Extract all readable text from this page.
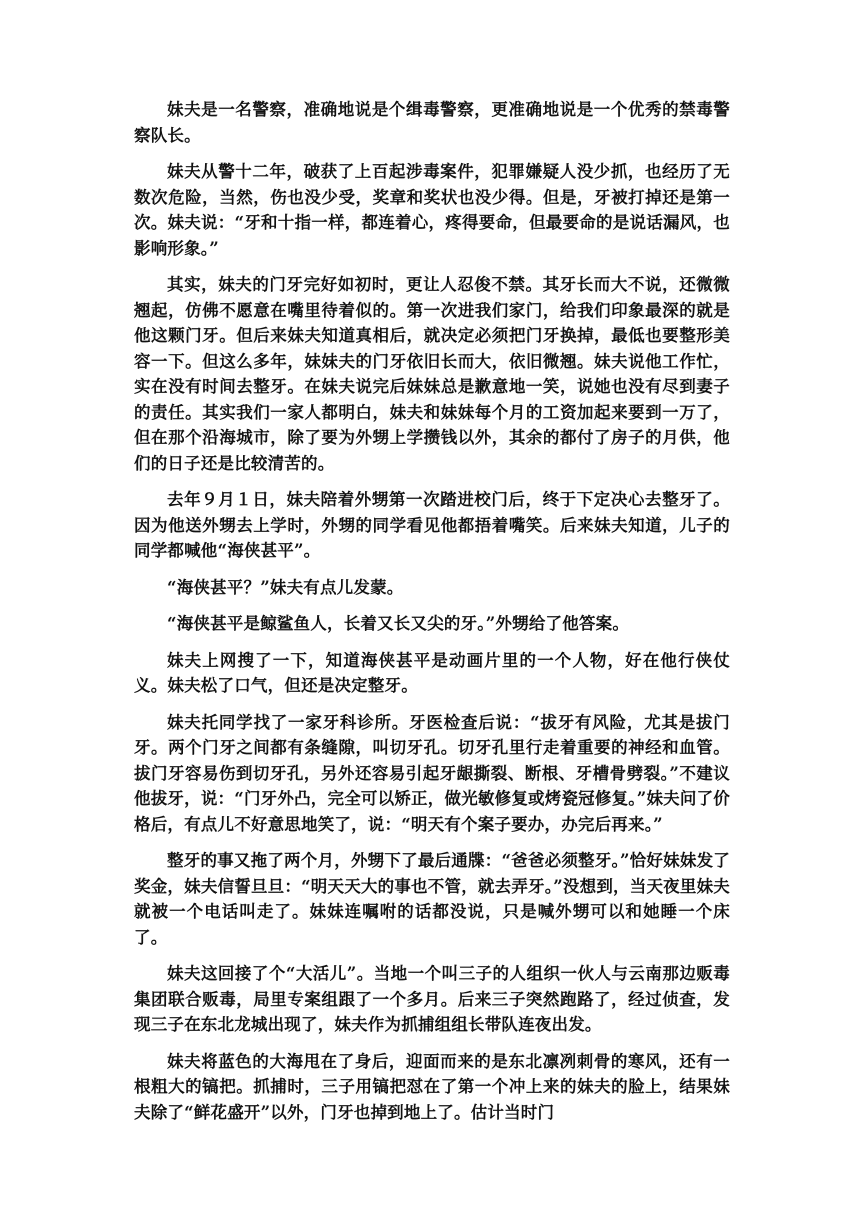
妹夫是一名警察，准确地说是个缉毒警察，更准确地说是一个优秀的禁毒警察队长。

妹夫从警十二年，破获了上百起涉毒案件，犯罪嫌疑人没少抓，也经历了无数次危险，当然，伤也没少受，奖章和奖状也没少得。但是，牙被打掉还是第一次。妹夫说：“牙和十指一样，都连着心，疼得要命，但最要命的是说话漏风，也影响形象。”

其实，妹夫的门牙完好如初时，更让人忍俊不禁。其牙长而大不说，还微微翘起，仿佛不愿意在嘴里待着似的。第一次进我们家门，给我们印象最深的就是他这颗门牙。但后来妹夫知道真相后，就决定必须把门牙换掉，最低也要整形美容一下。但这么多年，妹妹夫的门牙依旧长而大，依旧微翘。妹夫说他工作忙，实在没有时间去整牙。在妹夫说完后妹妹总是歉意地一笑，说她也没有尽到妻子的责任。其实我们一家人都明白，妹夫和妹妹每个月的工资加起来要到一万了，但在那个沿海城市，除了要为外甥上学攒钱以外，其余的都付了房子的月供，他们的日子还是比较清苦的。

去年９月１日，妹夫陪着外甥第一次踏进校门后，终于下定决心去整牙了。因为他送外甥去上学时，外甥的同学看见他都捂着嘴笑。后来妹夫知道，儿子的同学都喊他“海侠甚平”。

“海侠甚平？”妹夫有点儿发蒙。

“海侠甚平是鲸鲨鱼人，长着又长又尖的牙。”外甥给了他答案。

妹夫上网搜了一下，知道海侠甚平是动画片里的一个人物，好在他行侠仗义。妹夫松了口气，但还是决定整牙。

妹夫托同学找了一家牙科诊所。牙医检查后说：“拔牙有风险，尤其是拔门牙。两个门牙之间都有条缝隙，叫切牙孔。切牙孔里行走着重要的神经和血管。拔门牙容易伤到切牙孔，另外还容易引起牙龈撕裂、断根、牙槽骨劈裂。”不建议他拔牙，说：“门牙外凸，完全可以矫正，做光敏修复或烤瓷冠修复。”妹夫问了价格后，有点儿不好意思地笑了，说：“明天有个案子要办，办完后再来。”

整牙的事又拖了两个月，外甥下了最后通牒：“爸爸必须整牙。”恰好妹妹发了奖金，妹夫信誓旦旦：“明天天大的事也不管，就去弄牙。”没想到，当天夜里妹夫就被一个电话叫走了。妹妹连嘱咐的话都没说，只是喊外甥可以和她睡一个床了。

妹夫这回接了个“大活儿”。当地一个叫三子的人组织一伙人与云南那边贩毒集团联合贩毒，局里专案组跟了一个多月。后来三子突然跑路了，经过侦查，发现三子在东北龙城出现了，妹夫作为抓捕组组长带队连夜出发。

妹夫将蓝色的大海甩在了身后，迎面而来的是东北凛冽刺骨的寒风，还有一根粗大的镐把。抓捕时，三子用镐把怼在了第一个冲上来的妹夫的脸上，结果妹夫除了“鲜花盛开”以外，门牙也掉到地上了。估计当时门
